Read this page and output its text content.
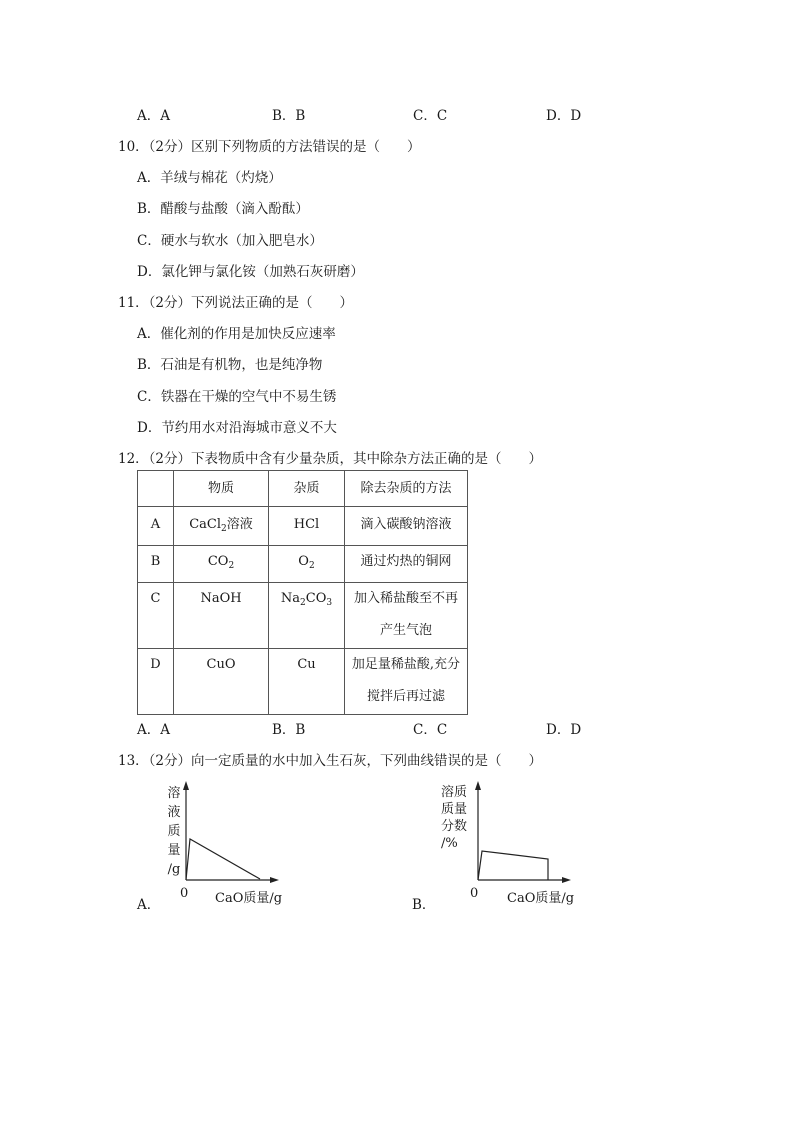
A．A	B．B	C．C	D．D
10．（2分）区别下列物质的方法错误的是（　　）
A．羊绒与棉花（灼烧）
B．醋酸与盐酸（滴入酚酞）
C．硬水与软水（加入肥皂水）
D．氯化钾与氯化铵（加熟石灰研磨）
11．（2分）下列说法正确的是（　　）
A．催化剂的作用是加快反应速率
B．石油是有机物，也是纯净物
C．铁器在干燥的空气中不易生锈
D．节约用水对沿海城市意义不大
12．（2分）下表物质中含有少量杂质，其中除杂方法正确的是（　　）

	物质	杂质	除去杂质的方法

A	CaCl$_2$溶液	HCl	滴入碳酸钠溶液

B	$CO_2$	$O_2$	通过灼热的铜网

C	NaOH	$Na_2CO_3$	加入稀盐酸至不再
产生气泡

D	CuO	Cu	加足量稀盐酸,充分
搅拌后再过滤
A．A	B．B	C．C	D．D
13．（2分）向一定质量的水中加入生石灰，下列曲线错误的是（　　）
A．
溶
液
质
量
/g
0 CaO质量/g	B．
溶质
质量
分数
/%
0 CaO质量/g
